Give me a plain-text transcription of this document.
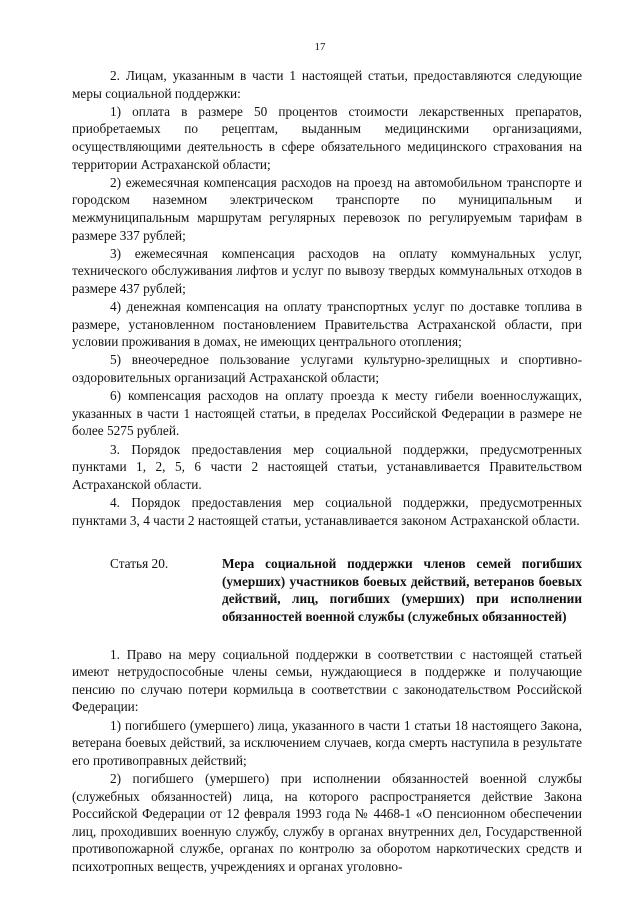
17

2. Лицам, указанным в части 1 настоящей статьи, предоставляются следующие меры социальной поддержки:

1) оплата в размере 50 процентов стоимости лекарственных препаратов, приобретаемых по рецептам, выданным медицинскими организациями, осуществляющими деятельность в сфере обязательного медицинского страхования на территории Астраханской области;

2) ежемесячная компенсация расходов на проезд на автомобильном транспорте и городском наземном электрическом транспорте по муниципальным и межмуниципальным маршрутам регулярных перевозок по регулируемым тарифам в размере 337 рублей;

3) ежемесячная компенсация расходов на оплату коммунальных услуг, технического обслуживания лифтов и услуг по вывозу твердых коммунальных отходов в размере 437 рублей;

4) денежная компенсация на оплату транспортных услуг по доставке топлива в размере, установленном постановлением Правительства Астраханской области, при условии проживания в домах, не имеющих центрального отопления;

5) внеочередное пользование услугами культурно-зрелищных и спортивно-оздоровительных организаций Астраханской области;

6) компенсация расходов на оплату проезда к месту гибели военнослужащих, указанных в части 1 настоящей статьи, в пределах Российской Федерации в размере не более 5275 рублей.

3. Порядок предоставления мер социальной поддержки, предусмотренных пунктами 1, 2, 5, 6 части 2 настоящей статьи, устанавливается Правительством Астраханской области.

4. Порядок предоставления мер социальной поддержки, предусмотренных пунктами 3, 4 части 2 настоящей статьи, устанавливается законом Астраханской области.

Статья 20.	Мера социальной поддержки членов семей погибших (умерших) участников боевых действий, ветеранов боевых действий, лиц, погибших (умерших) при исполнении обязанностей военной службы (служебных обязанностей)

1. Право на меру социальной поддержки в соответствии с настоящей статьей имеют нетрудоспособные члены семьи, нуждающиеся в поддержке и получающие пенсию по случаю потери кормильца в соответствии с законодательством Российской Федерации:

1) погибшего (умершего) лица, указанного в части 1 статьи 18 настоящего Закона, ветерана боевых действий, за исключением случаев, когда смерть наступила в результате его противоправных действий;

2) погибшего (умершего) при исполнении обязанностей военной службы (служебных обязанностей) лица, на которого распространяется действие Закона Российской Федерации от 12 февраля 1993 года № 4468-1 «О пенсионном обеспечении лиц, проходивших военную службу, службу в органах внутренних дел, Государственной противопожарной службе, органах по контролю за оборотом наркотических средств и психотропных веществ, учреждениях и органах уголовно-
